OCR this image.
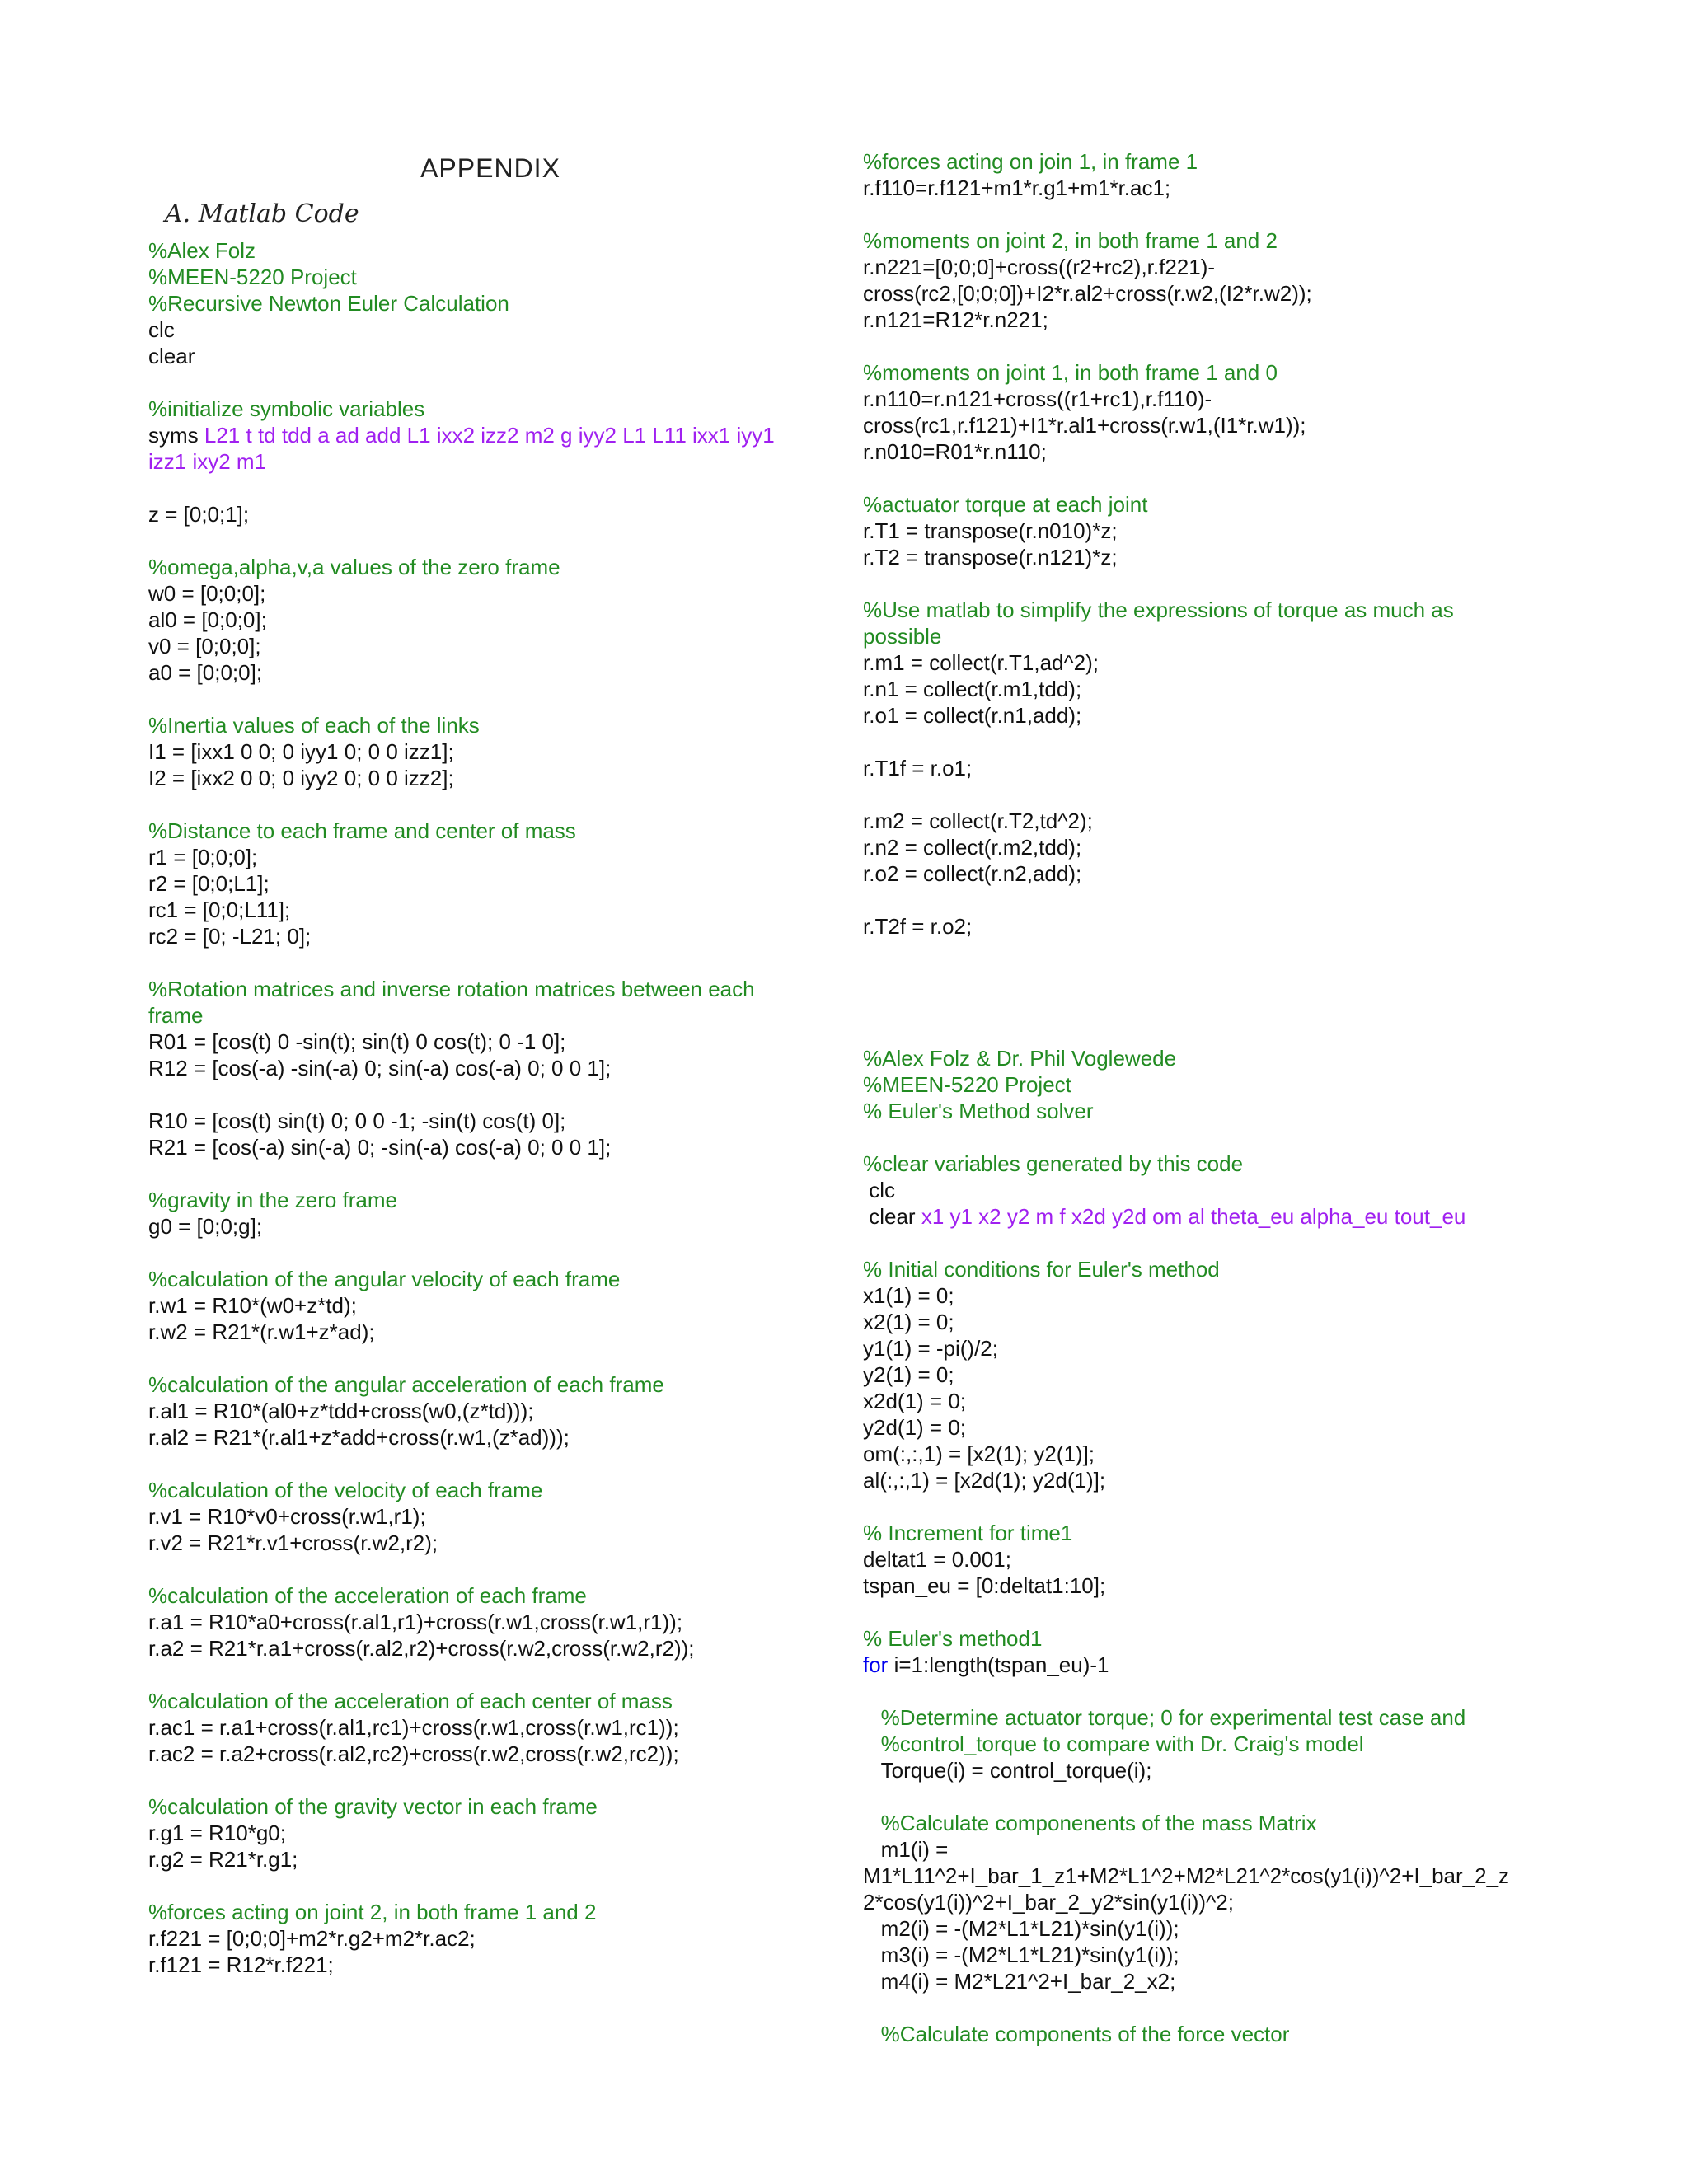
APPENDIX
A. Matlab Code
%Alex Folz
%MEEN-5220 Project
%Recursive Newton Euler Calculation
clc
clear
%initialize symbolic variables
syms L21 t td tdd a ad add L1 ixx2 izz2 m2 g iyy2 L1 L11 ixx1 iyy1
izz1 ixy2 m1
z = [0;0;1];
%omega,alpha,v,a values of the zero frame
w0 = [0;0;0];
al0 = [0;0;0];
v0 = [0;0;0];
a0 = [0;0;0];
%Inertia values of each of the links
I1 = [ixx1 0 0; 0 iyy1 0; 0 0 izz1];
I2 = [ixx2 0 0; 0 iyy2 0; 0 0 izz2];
%Distance to each frame and center of mass
r1 = [0;0;0];
r2 = [0;0;L1];
rc1 = [0;0;L11];
rc2 = [0; -L21; 0];
%Rotation matrices and inverse rotation matrices between each
frame
R01 = [cos(t) 0 -sin(t); sin(t) 0 cos(t); 0 -1 0];
R12 = [cos(-a) -sin(-a) 0; sin(-a) cos(-a) 0; 0 0 1];
R10 = [cos(t) sin(t) 0; 0 0 -1; -sin(t) cos(t) 0];
R21 = [cos(-a) sin(-a) 0; -sin(-a) cos(-a) 0; 0 0 1];
%gravity in the zero frame
g0 = [0;0;g];
%calculation of the angular velocity of each frame
r.w1 = R10*(w0+z*td);
r.w2 = R21*(r.w1+z*ad);
%calculation of the angular acceleration of each frame
r.al1 = R10*(al0+z*tdd+cross(w0,(z*td)));
r.al2 = R21*(r.al1+z*add+cross(r.w1,(z*ad)));
%calculation of the velocity of each frame
r.v1 = R10*v0+cross(r.w1,r1);
r.v2 = R21*r.v1+cross(r.w2,r2);
%calculation of the acceleration of each frame
r.a1 = R10*a0+cross(r.al1,r1)+cross(r.w1,cross(r.w1,r1));
r.a2 = R21*r.a1+cross(r.al2,r2)+cross(r.w2,cross(r.w2,r2));
%calculation of the acceleration of each center of mass
r.ac1 = r.a1+cross(r.al1,rc1)+cross(r.w1,cross(r.w1,rc1));
r.ac2 = r.a2+cross(r.al2,rc2)+cross(r.w2,cross(r.w2,rc2));
%calculation of the gravity vector in each frame
r.g1 = R10*g0;
r.g2 = R21*r.g1;
%forces acting on joint 2, in both frame 1 and 2
r.f221 = [0;0;0]+m2*r.g2+m2*r.ac2;
r.f121 = R12*r.f221;
%forces acting on join 1, in frame 1
r.f110=r.f121+m1*r.g1+m1*r.ac1;
%moments on joint 2, in both frame 1 and 2
r.n221=[0;0;0]+cross((r2+rc2),r.f221)-
cross(rc2,[0;0;0])+I2*r.al2+cross(r.w2,(I2*r.w2));
r.n121=R12*r.n221;
%moments on joint 1, in both frame 1 and 0
r.n110=r.n121+cross((r1+rc1),r.f110)-
cross(rc1,r.f121)+I1*r.al1+cross(r.w1,(I1*r.w1));
r.n010=R01*r.n110;
%actuator torque at each joint
r.T1 = transpose(r.n010)*z;
r.T2 = transpose(r.n121)*z;
%Use matlab to simplify the expressions of torque as much as
possible
r.m1 = collect(r.T1,ad^2);
r.n1 = collect(r.m1,tdd);
r.o1 = collect(r.n1,add);
r.T1f = r.o1;
r.m2 = collect(r.T2,td^2);
r.n2 = collect(r.m2,tdd);
r.o2 = collect(r.n2,add);
r.T2f = r.o2;
%Alex Folz & Dr. Phil Voglewede
%MEEN-5220 Project
% Euler's Method solver
%clear variables generated by this code
clc
clear x1 y1 x2 y2 m f x2d y2d om al theta_eu alpha_eu tout_eu
% Initial conditions for Euler's method
x1(1) = 0;
x2(1) = 0;
y1(1) = -pi()/2;
y2(1) = 0;
x2d(1) = 0;
y2d(1) = 0;
om(:,:,1) = [x2(1); y2(1)];
al(:,:,1) = [x2d(1); y2d(1)];
% Increment for time1
deltat1 = 0.001;
tspan_eu = [0:deltat1:10];
% Euler's method1
for i=1:length(tspan_eu)-1
%Determine actuator torque; 0 for experimental test case and
%control_torque to compare with Dr. Craig's model
Torque(i) = control_torque(i);
%Calculate componenents of the mass Matrix
m1(i) =
M1*L11^2+I_bar_1_z1+M2*L1^2+M2*L21^2*cos(y1(i))^2+I_bar_2_z
2*cos(y1(i))^2+I_bar_2_y2*sin(y1(i))^2;
m2(i) = -(M2*L1*L21)*sin(y1(i));
m3(i) = -(M2*L1*L21)*sin(y1(i));
m4(i) = M2*L21^2+I_bar_2_x2;
%Calculate components of the force vector
